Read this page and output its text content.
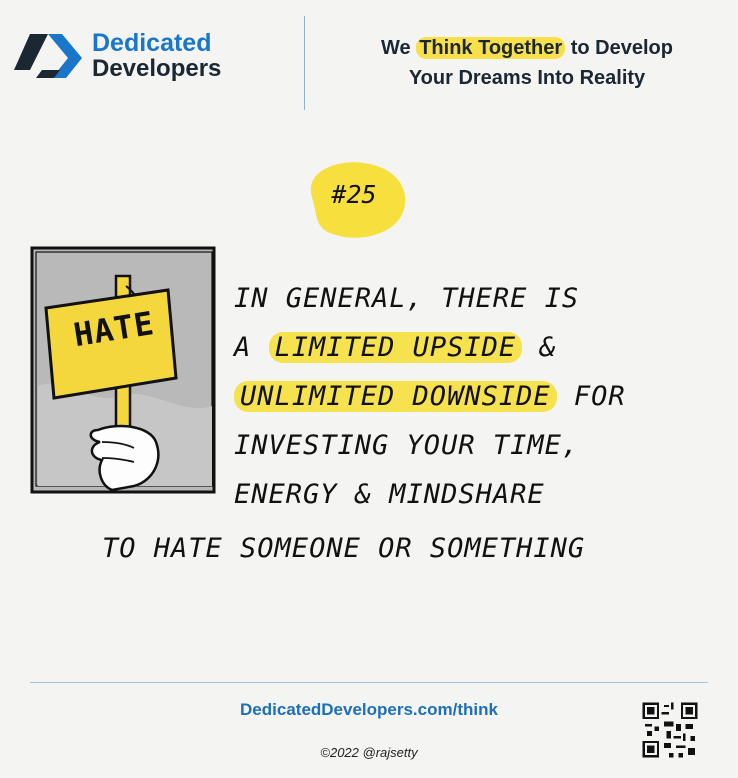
Dedicated
Developers
We Think Together to Develop
Your Dreams Into Reality
#25
HATE
IN GENERAL, THERE IS
A LIMITED UPSIDE &
UNLIMITED DOWNSIDE FOR
INVESTING YOUR TIME,
ENERGY & MINDSHARE
TO HATE SOMEONE OR SOMETHING
DedicatedDevelopers.com/think
©2022 @rajsetty
